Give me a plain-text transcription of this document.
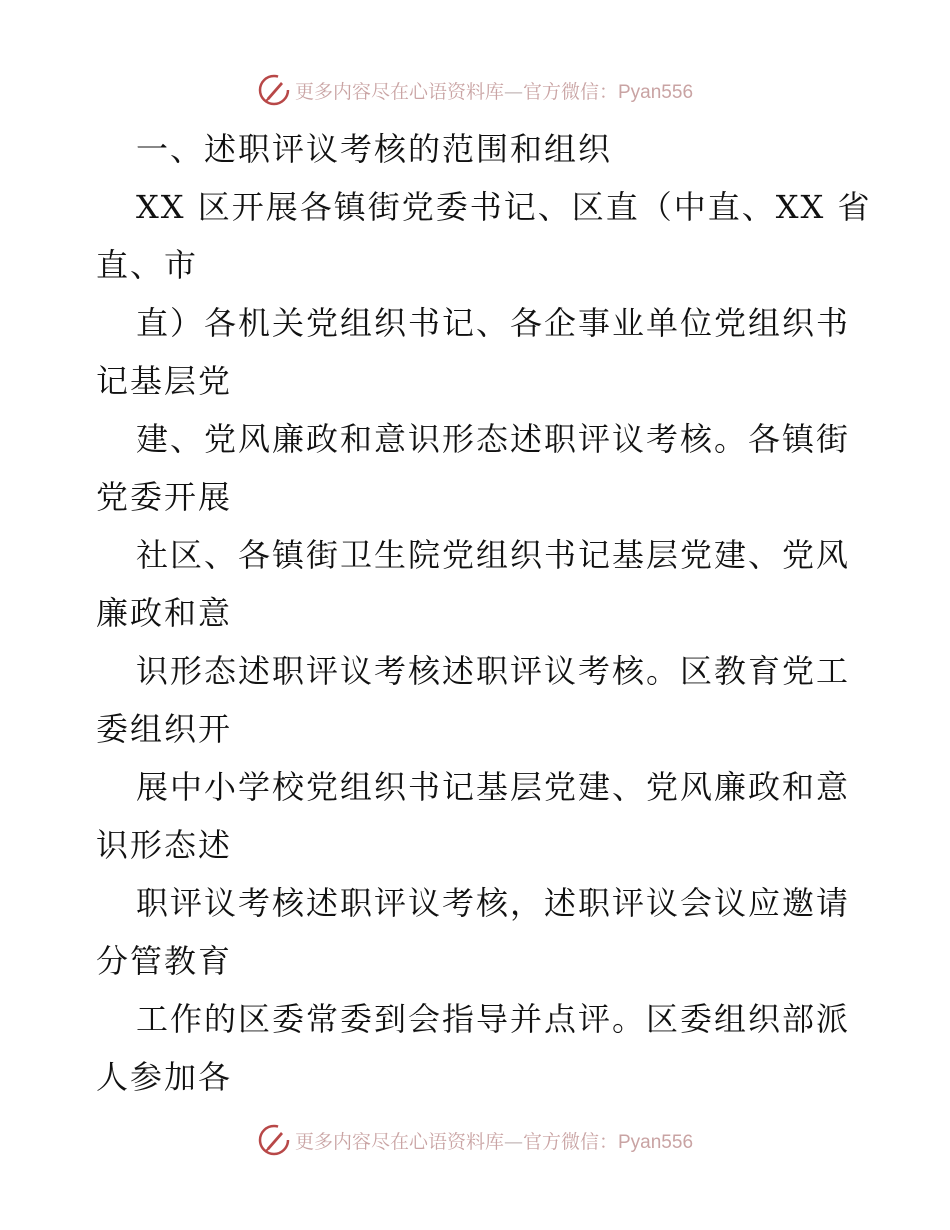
更多内容尽在心语资料库—官方微信：Pyan556
一、述职评议考核的范围和组织
XX 区开展各镇街党委书记、区直（中直、XX 省
直、市
直）各机关党组织书记、各企事业单位党组织书
记基层党
建、党风廉政和意识形态述职评议考核。各镇街
党委开展
社区、各镇街卫生院党组织书记基层党建、党风
廉政和意
识形态述职评议考核述职评议考核。区教育党工
委组织开
展中小学校党组织书记基层党建、党风廉政和意
识形态述
职评议考核述职评议考核，述职评议会议应邀请
分管教育
工作的区委常委到会指导并点评。区委组织部派
人参加各
更多内容尽在心语资料库—官方微信：Pyan556
